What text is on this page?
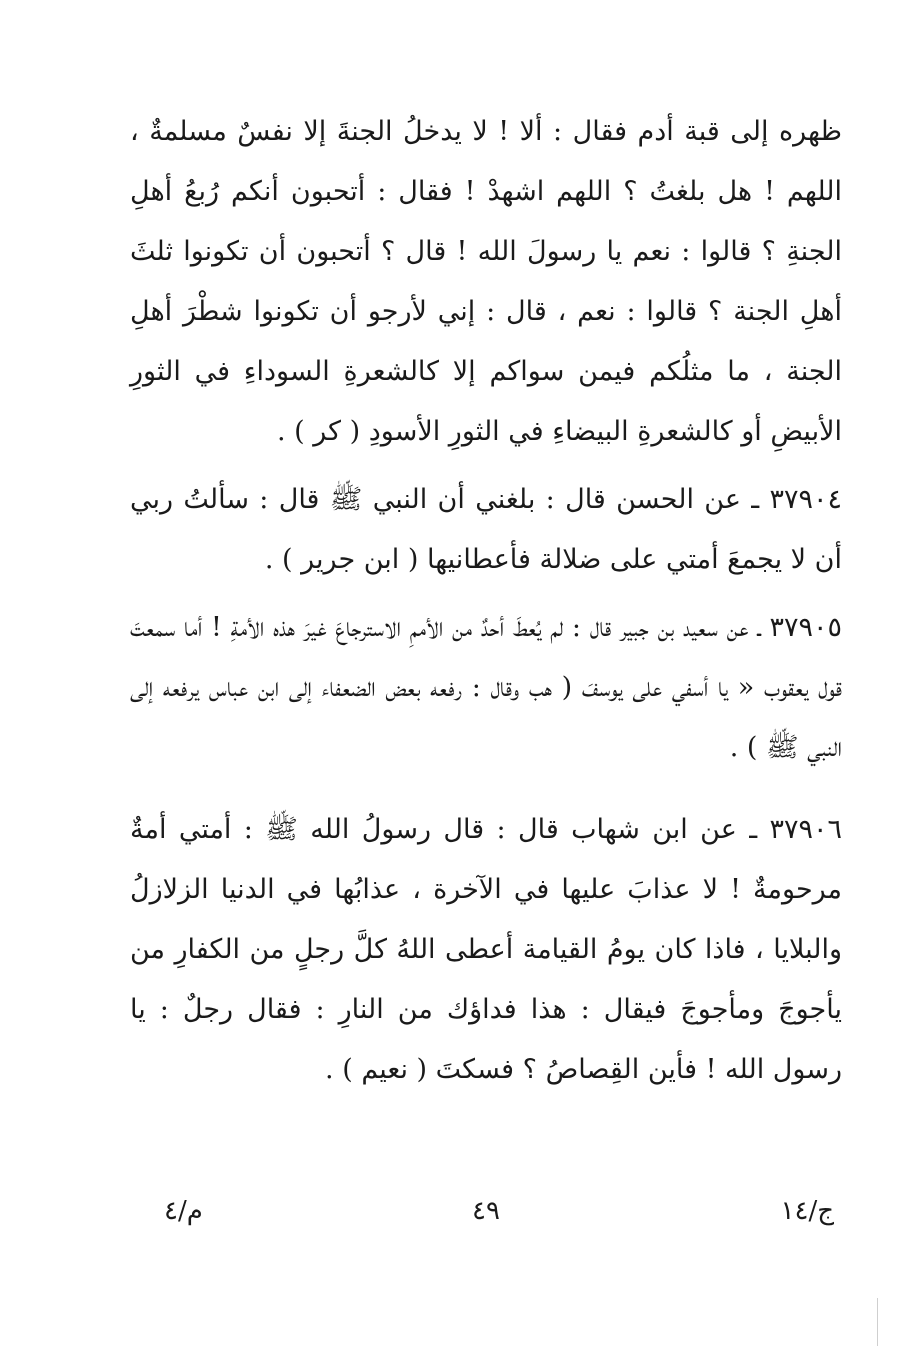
ظهره إلى قبة أدم فقال : ألا ! لا يدخلُ الجنةَ إلا نفسٌ مسلمةٌ ، اللهم ! هل بلغتُ ؟ اللهم اشهدْ ! فقال : أتحبون أنكم رُبعُ أهلِ الجنةِ ؟ قالوا : نعم يا رسولَ الله ! قال ؟ أتحبون أن تكونوا ثلثَ أهلِ الجنة ؟ قالوا : نعم ، قال : إني لأرجو أن تكونوا شطْرَ أهلِ الجنة ، ما مثلُكم فيمن سواكم إلا كالشعرةِ السوداءِ في الثورِ الأبيضِ أو كالشعرةِ البيضاءِ في الثورِ الأسودِ ( كر ) .

٣٧٩٠٤ ـ عن الحسن قال : بلغني أن النبي ﷺ قال : سألتُ ربي أن لا يجمعَ أمتي على ضلالة فأعطانيها ( ابن جرير ) .

٣٧٩٠٥ ـ عن سعيد بن جبير قال : لم يُعطَ أحدٌ من الأممِ الاسترجاعَ غيرَ هذه الأمةِ ! أما سمعتَ قول يعقوب « يا أسفي على يوسفَ ( هب وقال : رفعه بعض الضعفاء إلى ابن عباس يرفعه إلى النبي ﷺ ) .

٣٧٩٠٦ ـ عن ابن شهاب قال : قال رسولُ الله ﷺ : أمتي أمةٌ مرحومةٌ ! لا عذابَ عليها في الآخرة ، عذابُها في الدنيا الزلازلُ والبلايا ، فاذا كان يومُ القيامة أعطى اللهُ كلَّ رجلٍ من الكفارِ من يأجوجَ ومأجوجَ فيقال : هذا فداؤك من النارِ : فقال رجلٌ : يا رسول الله ! فأين القِصاصُ ؟ فسكتَ ( نعيم ) .

ج/١٤
٤٩
م/٤
